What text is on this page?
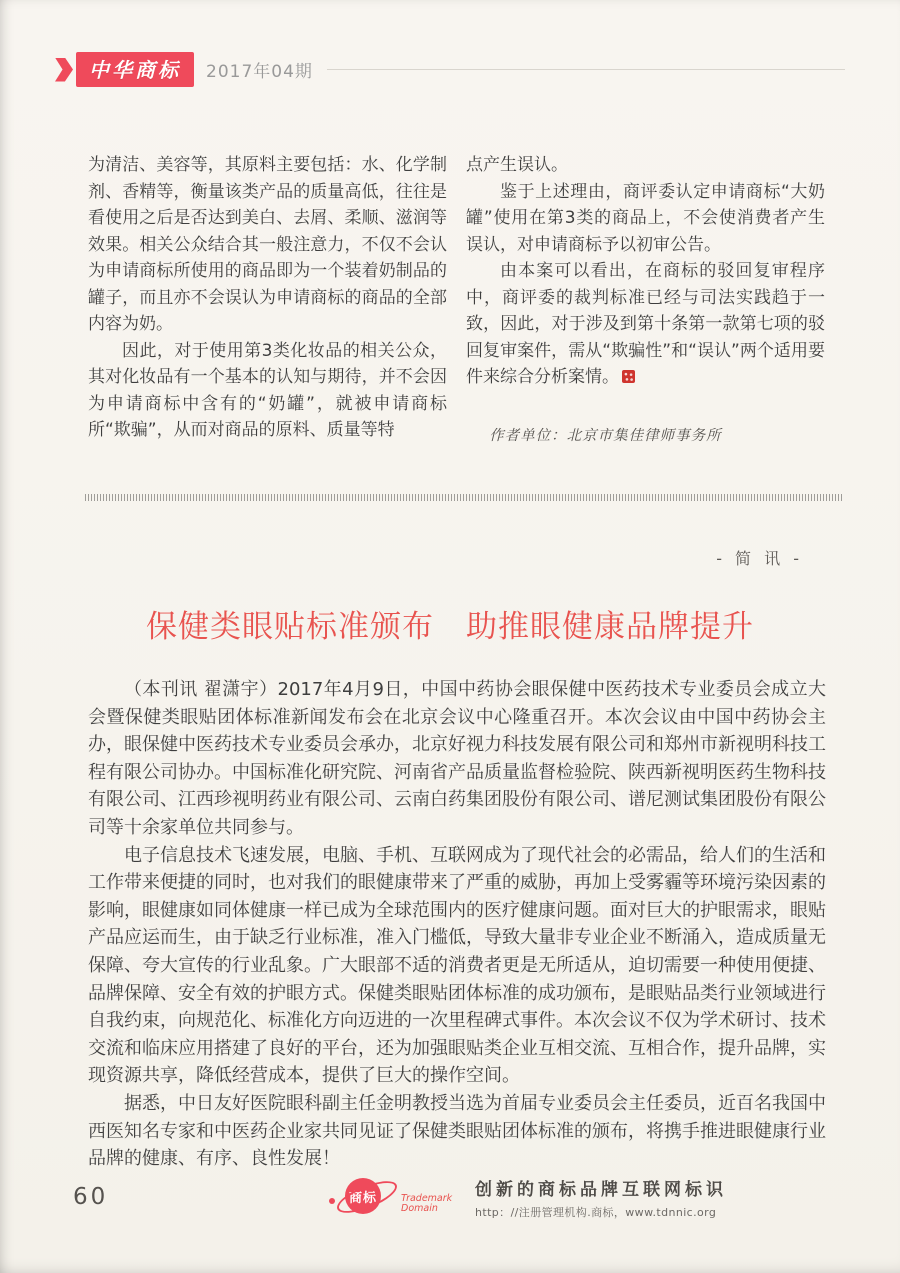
中华商标	2017年04期

为清洁、美容等，其原料主要包括：水、化学制剂、香精等，衡量该类产品的质量高低，往往是看使用之后是否达到美白、去屑、柔顺、滋润等效果。相关公众结合其一般注意力，不仅不会认为申请商标所使用的商品即为一个装着奶制品的罐子，而且亦不会误认为申请商标的商品的全部内容为奶。

因此，对于使用第3类化妆品的相关公众，其对化妆品有一个基本的认知与期待，并不会因为申请商标中含有的“奶罐”，就被申请商标所“欺骗”，从而对商品的原料、质量等特

点产生误认。

鉴于上述理由，商评委认定申请商标“大奶罐”使用在第3类的商品上，不会使消费者产生误认，对申请商标予以初审公告。

由本案可以看出，在商标的驳回复审程序中，商评委的裁判标准已经与司法实践趋于一致，因此，对于涉及到第十条第一款第七项的驳回复审案件，需从“欺骗性”和“误认”两个适用要件来综合分析案情。

作者单位：北京市集佳律师事务所

- 简 讯 -
保健类眼贴标准颁布　助推眼健康品牌提升

（本刊讯 翟潇宇）2017年4月9日，中国中药协会眼保健中医药技术专业委员会成立大会暨保健类眼贴团体标准新闻发布会在北京会议中心隆重召开。本次会议由中国中药协会主办，眼保健中医药技术专业委员会承办，北京好视力科技发展有限公司和郑州市新视明科技工程有限公司协办。中国标准化研究院、河南省产品质量监督检验院、陕西新视明医药生物科技有限公司、江西珍视明药业有限公司、云南白药集团股份有限公司、谱尼测试集团股份有限公司等十余家单位共同参与。

电子信息技术飞速发展，电脑、手机、互联网成为了现代社会的必需品，给人们的生活和工作带来便捷的同时，也对我们的眼健康带来了严重的威胁，再加上受雾霾等环境污染因素的影响，眼健康如同体健康一样已成为全球范围内的医疗健康问题。面对巨大的护眼需求，眼贴产品应运而生，由于缺乏行业标准，准入门槛低，导致大量非专业企业不断涌入，造成质量无保障、夸大宣传的行业乱象。广大眼部不适的消费者更是无所适从，迫切需要一种使用便捷、品牌保障、安全有效的护眼方式。保健类眼贴团体标准的成功颁布，是眼贴品类行业领域进行自我约束，向规范化、标准化方向迈进的一次里程碑式事件。本次会议不仅为学术研讨、技术交流和临床应用搭建了良好的平台，还为加强眼贴类企业互相交流、互相合作，提升品牌，实现资源共享，降低经营成本，提供了巨大的操作空间。

据悉，中日友好医院眼科副主任金明教授当选为首届专业委员会主任委员，近百名我国中西医知名专家和中医药企业家共同见证了保健类眼贴团体标准的颁布，将携手推进眼健康行业品牌的健康、有序、良性发展！

60	商标	Trademark Domain
创新的商标品牌互联网标识
http：//注册管理机构.商标，www.tdnnic.org
